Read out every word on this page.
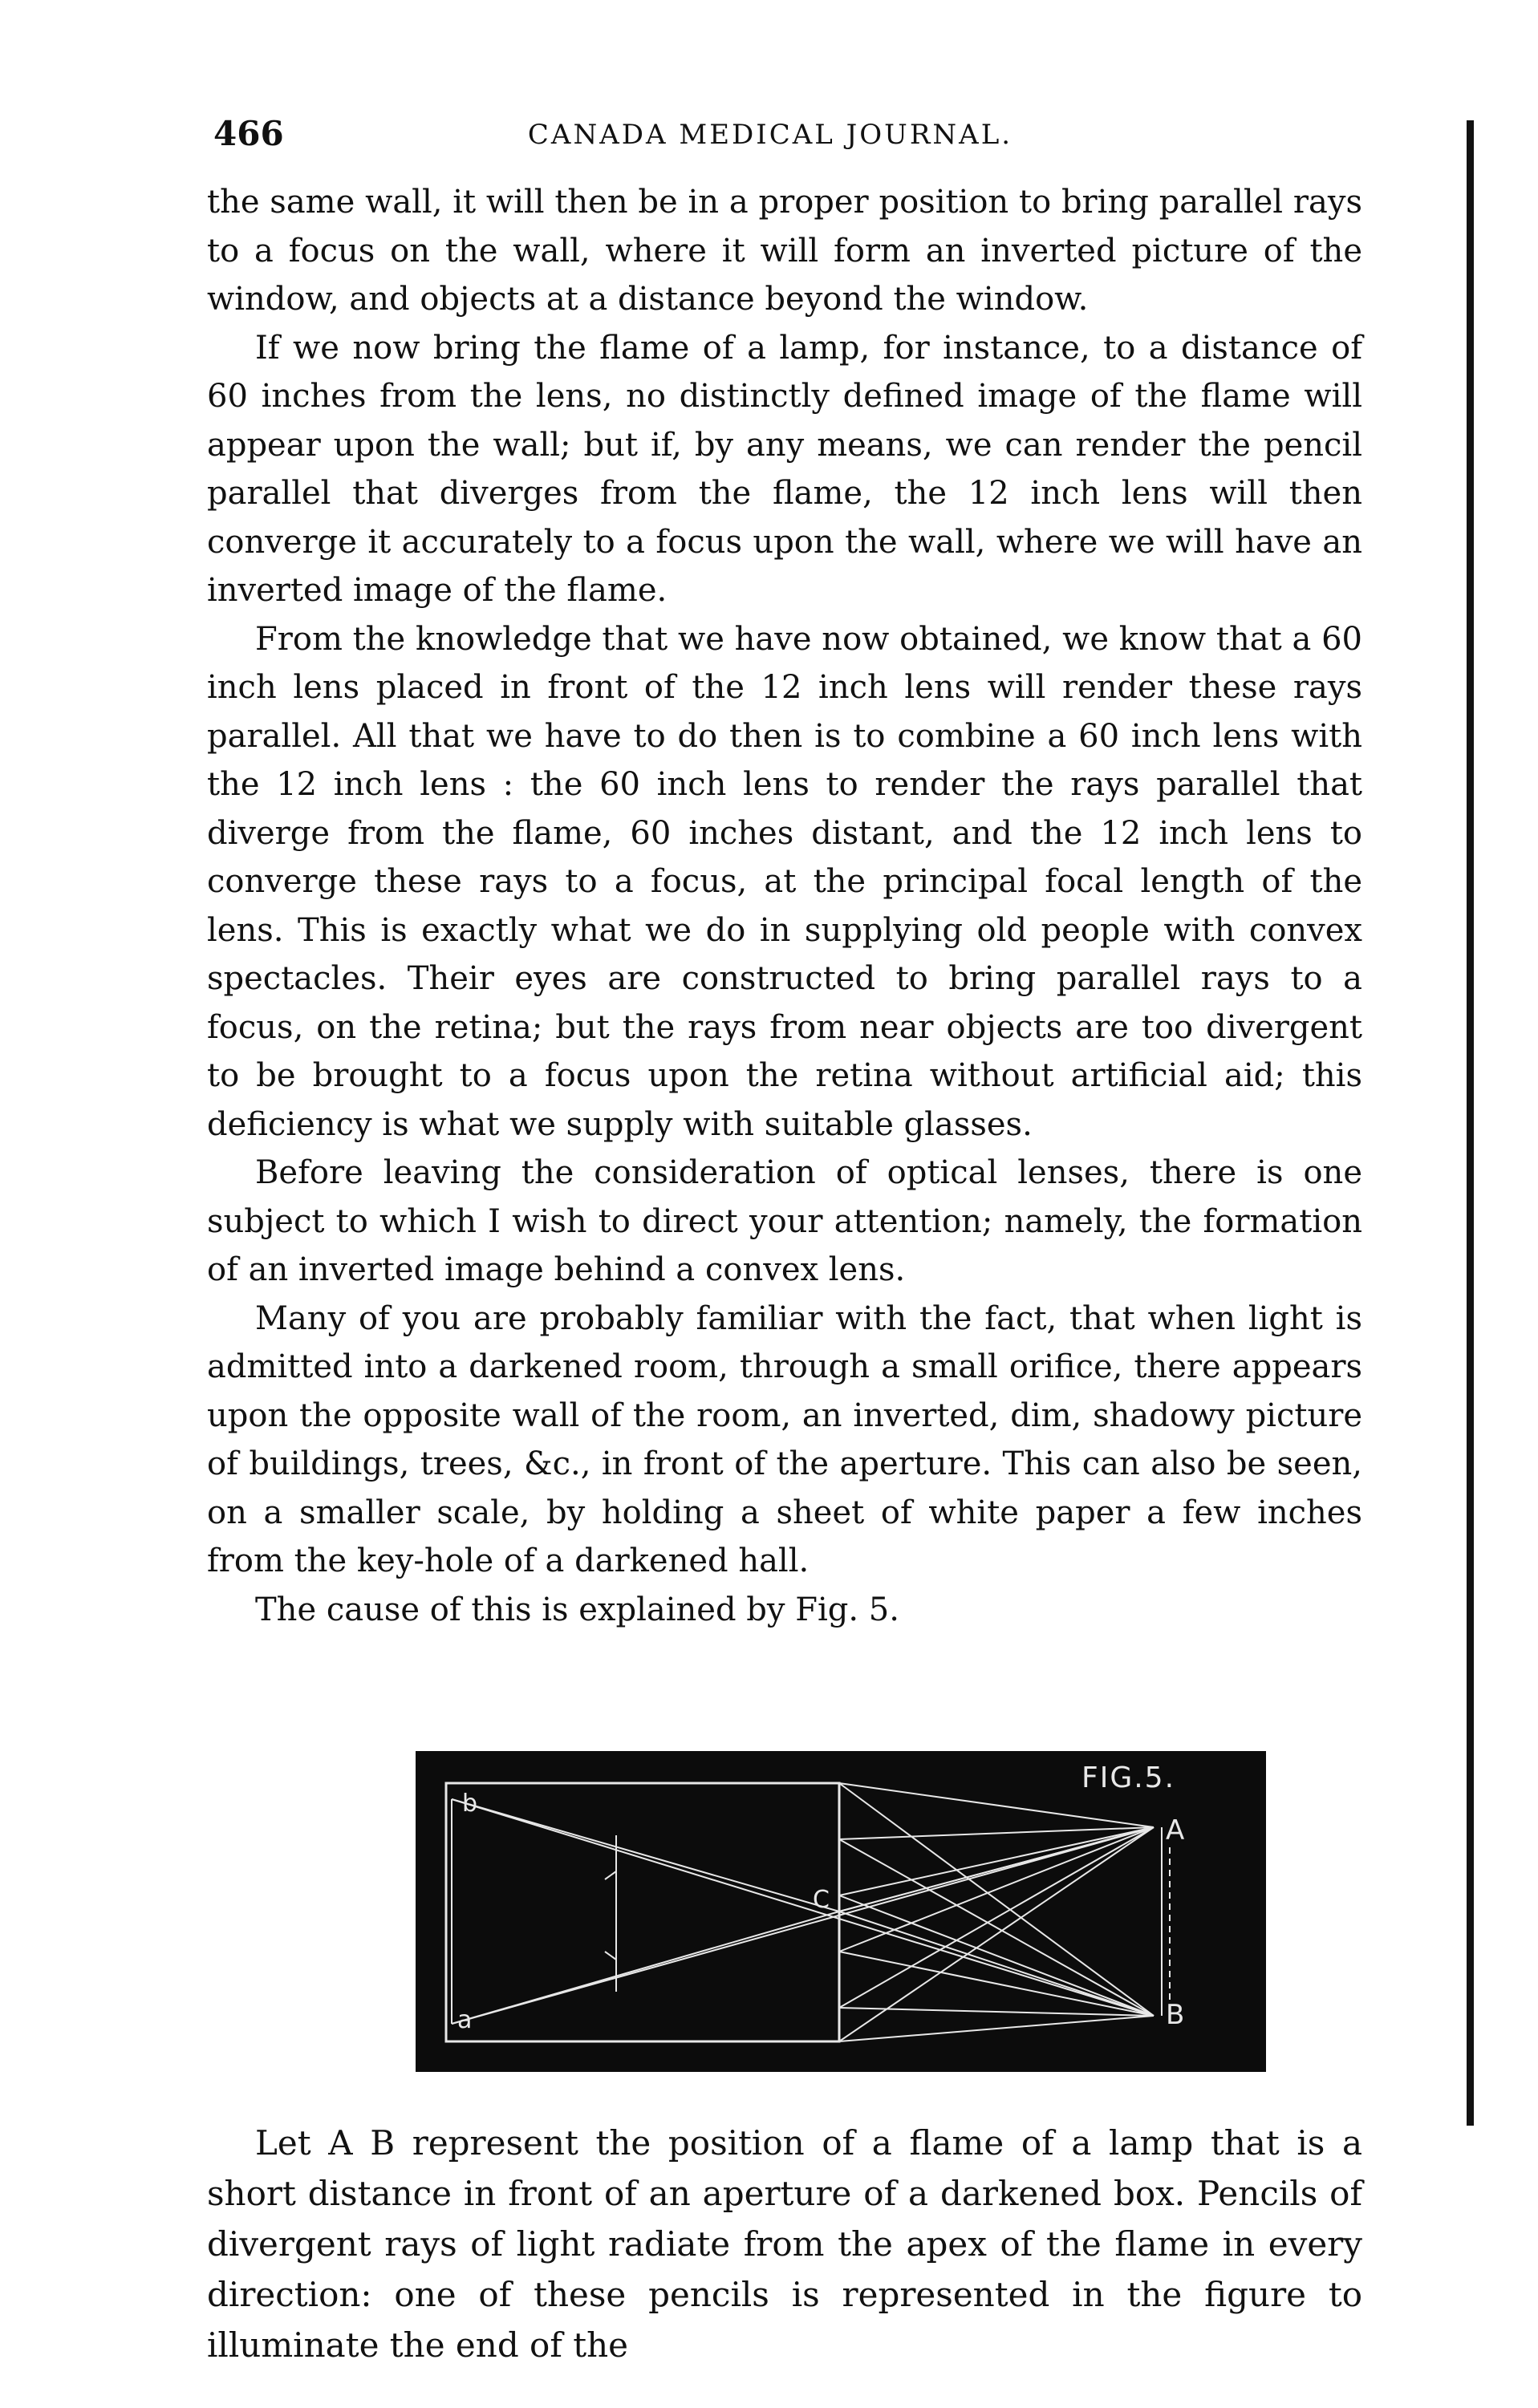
466	CANADA MEDICAL JOURNAL.

the same wall, it will then be in a proper position to bring parallel rays to a focus on the wall, where it will form an inverted picture of the window, and objects at a distance beyond the window.

If we now bring the flame of a lamp, for instance, to a distance of 60 inches from the lens, no distinctly defined image of the flame will appear upon the wall; but if, by any means, we can render the pencil parallel that diverges from the flame, the 12 inch lens will then converge it accurately to a focus upon the wall, where we will have an inverted image of the flame.

From the knowledge that we have now obtained, we know that a 60 inch lens placed in front of the 12 inch lens will render these rays parallel. All that we have to do then is to combine a 60 inch lens with the 12 inch lens : the 60 inch lens to render the rays parallel that diverge from the flame, 60 inches distant, and the 12 inch lens to converge these rays to a focus, at the principal focal length of the lens. This is exactly what we do in supplying old people with convex spectacles. Their eyes are constructed to bring parallel rays to a focus, on the retina; but the rays from near objects are too divergent to be brought to a focus upon the retina without artificial aid; this deficiency is what we supply with suitable glasses.

Before leaving the consideration of optical lenses, there is one subject to which I wish to direct your attention; namely, the formation of an inverted image behind a convex lens.

Many of you are probably familiar with the fact, that when light is admitted into a darkened room, through a small orifice, there appears upon the opposite wall of the room, an inverted, dim, shadowy picture of buildings, trees, &c., in front of the aperture. This can also be seen, on a smaller scale, by holding a sheet of white paper a few inches from the key-hole of a darkened hall.

The cause of this is explained by Fig. 5.

FIG.5.
A
B
C
a
b

Let A B represent the position of a flame of a lamp that is a short distance in front of an aperture of a darkened box. Pencils of divergent rays of light radiate from the apex of the flame in every direction: one of these pencils is represented in the figure to illuminate the end of the
